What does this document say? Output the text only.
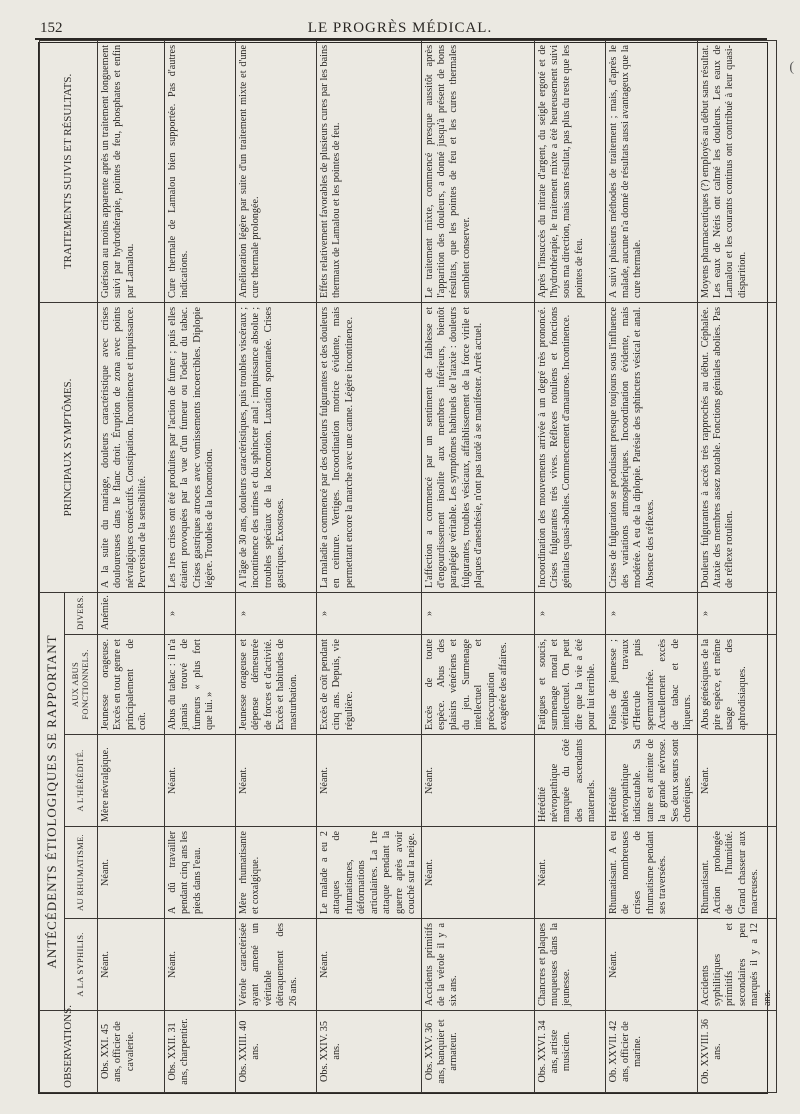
152	LE PROGRÈS MÉDICAL.
(
OBSERVATIONS.	ANTÉCÉDENTS ÉTIOLOGIQUES SE RAPPORTANT					PRINCIPAUX SYMPTÔMES.	TRAITEMENTS SUIVIS ET RÉSULTATS.
	A LA SYPHILIS.	AU RHUMATISME.	A L'HÉRÉDITÉ.	AUX ABUS FONCTIONNELS.	DIVERS.		
Obs. XXI. 45 ans, officier de cavalerie.	Néant.	Néant.	Mère névralgique.	Jeunesse orageuse. Excès en tout genre et principalement de coït.	Anémie.	A la suite du mariage, douleurs caractéristique avec crises douloureuses dans le flanc droit. Éruption de zona avec points névralgiques consécutifs. Constipation. Incontinence et impuissance. Perversion de la sensibilité.	Guérison au moins apparente après un traitement longuement suivi par hydrothérapie, pointes de feu, phosphates et enfin par Lamalou.
Obs. XXII. 31 ans, charpentier.	Néant.	A dû travailler pendant cinq ans les pieds dans l'eau.	Néant.	Abus du tabac : il n'a jamais trouvé de fumeurs « plus fort que lui. »	»	Les 1res crises ont été produites par l'action de fumer ; puis elles étaient provoquées par la vue d'un fumeur ou l'odeur du tabac. Crises gastriques atroces avec vomissements incoercibles. Diplopie légère. Troubles de la locomotion.	Cure thermale de Lamalou bien supportée. Pas d'autres indications.
Obs. XXIII. 40 ans.	Vérole caractérisée ayant amené un véritable détraquement des 26 ans.	Mère rhumatisante et coxalgique.	Néant.	Jeunesse orageuse et dépense démesurée de forces et d'activité. Excès et habitudes de masturbation.	»	A l'âge de 30 ans, douleurs caractéristiques, puis troubles viscéraux ; incontinence des urines et du sphincter anal ; impuissance absolue ; troubles spéciaux de la locomotion. Luxation spontanée. Crises gastriques. Exostoses.	Amélioration légère par suite d'un traitement mixte et d'une cure thermale prolongée.
Obs. XXIV. 35 ans.	Néant.	Le malade a eu 2 attaques de rhumatismes, déformations articulaires. La 1re attaque pendant la guerre après avoir couché sur la neige.	Néant.	Excès de coït pendant cinq ans. Depuis, vie régulière.	»	La maladie a commencé par des douleurs fulgurantes et des douleurs en ceinture. Vertiges. Incoordination motrice évidente, mais permettant encore la marche avec une canne. Légère incontinence.	Effets relativement favorables de plusieurs cures par les bains thermaux de Lamalou et les pointes de feu.
Obs. XXV. 36 ans, banquier et armateur.	Accidents primitifs de la vérole il y a six ans.	Néant.	Néant.	Excès de toute espèce. Abus des plaisirs vénériens et du jeu. Surmenage intellectuel et préoccupation exagérée des affaires.	»	L'affection a commencé par un sentiment de faiblesse et d'engourdissement insolite aux membres inférieurs, bientôt paraplégie véritable. Les symptômes habituels de l'ataxie : douleurs fulgurantes, troubles vésicaux, affaiblissement de la force virile et plaques d'anesthésie, n'ont pas tardé à se manifester. Arrêt actuel.	Le traitement mixte, commencé presque aussitôt après l'apparition des douleurs, a donné jusqu'à présent de bons résultats, que les pointes de feu et les cures thermales semblent conserver.
Obs. XXVI. 34 ans, artiste musicien.	Chancres et plaques muqueuses dans la jeunesse.	Néant.	Hérédité névropathique marquée du côté des ascendants maternels.	Fatigues et soucis, surmenage moral et intellectuel. On peut dire que la vie a été pour lui terrible.	»	Incoordination des mouvements arrivée à un degré très prononcé. Crises fulgurantes très vives. Réflexes rotuliens et fonctions génitales quasi-abolies. Commencement d'amaurose. Incontinence.	Après l'insuccès du nitrate d'argent, du seigle ergoté et de l'hydrothérapie, le traitement mixte a été heureusement suivi sous ma direction, mais sans résultat, pas plus du reste que les pointes de feu.
Ob. XXVII. 42 ans, officier de marine.	Néant.	Rhumatisant. A eu de nombreuses crises de rhumatisme pendant ses traversées.	Hérédité névropathique indiscutable. Sa tante est atteinte de la grande névrose. Ses deux sœurs sont choréiques.	Folies de jeunesse ; véritables travaux d'Hercule puis spermatorrhée. Actuellement excès de tabac et de liqueurs.	»	Crises de fulguration se produisant presque toujours sous l'influence des variations atmosphériques. Incoordination évidente, mais modérée. A eu de la diplopie. Parésie des sphincters vésical et anal. Absence des réflexes.	A suivi plusieurs méthodes de traitement ; mais, d'après le malade, aucune n'a donné de résultats aussi avantageux que la cure thermale.
Ob. XXVIII. 36 ans.	Accidents syphilitiques primitifs et secondaires peu marqués il y a 12 ans.	Rhumatisant. Action prolongée de l'humidité. Grand chasseur aux macreuses.	Néant.	Abus génésiques de la pire espèce, et même usage des aphrodisiaques.	»	Douleurs fulgurantes à accès très rapprochés au début. Céphalée. Ataxie des membres assez notable. Fonctions génitales abolies. Pas de réflexe rotulien.	Moyens pharmaceutiques (?) employés au début sans résultat. Les eaux de Néris ont calmé les douleurs. Les eaux de Lamalou et les courants continus ont contribué à leur quasi-disparition.
